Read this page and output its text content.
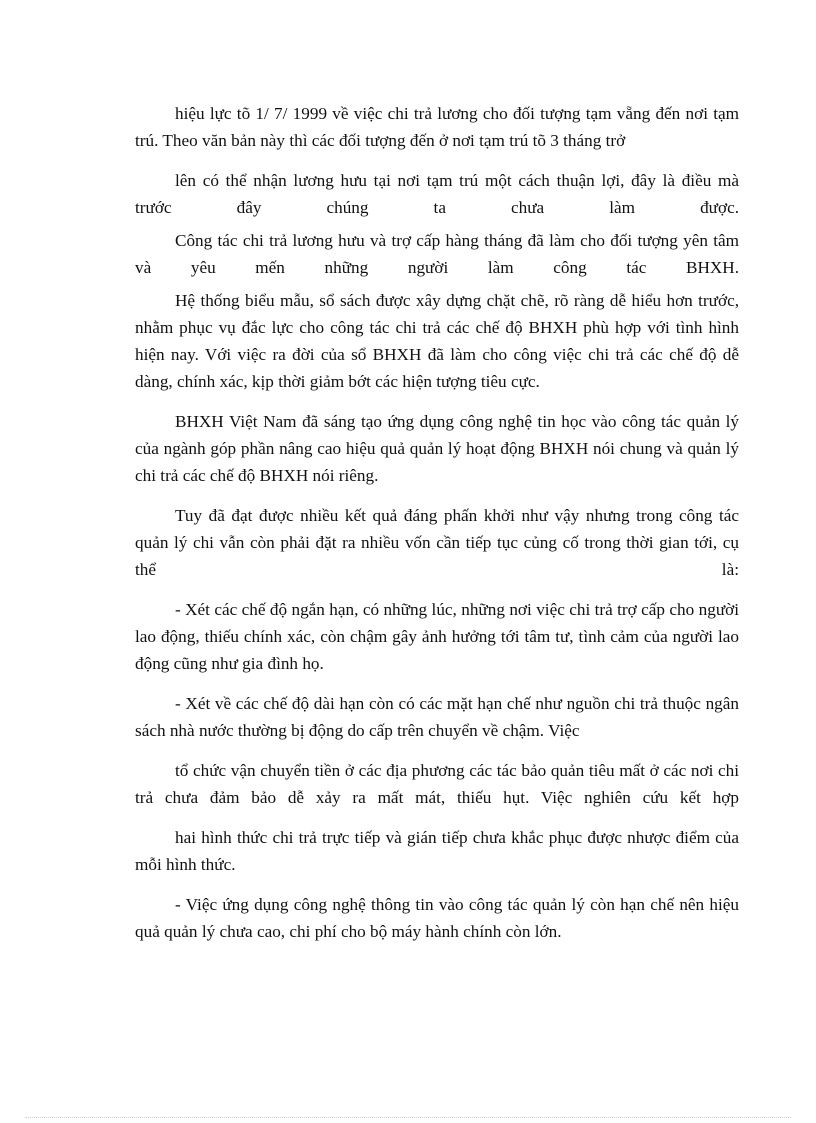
hiệu lực tõ 1/ 7/ 1999 về việc chi trả lương cho đối tượng tạm vẵng đến nơi tạm trú. Theo văn bản này thì các đối tượng đến ở nơi tạm trú tõ 3 tháng trở

lên có thể nhận lương hưu tại nơi tạm trú một cách thuận lợi, đây là điều mà trước đây chúng ta chưa làm được.

Công tác chi trả lương hưu và trợ cấp hàng tháng đã làm cho đối tượng yên tâm và yêu mến những người làm công tác BHXH.

Hệ thống biểu mẫu, sổ sách được xây dựng chặt chẽ, rõ ràng dễ hiểu hơn trước, nhằm phục vụ đắc lực cho công tác chi trả các chế độ BHXH phù hợp với tình hình hiện nay. Với việc ra đời của sổ BHXH đã làm cho công việc chi trả các chế độ dễ dàng, chính xác, kịp thời giảm bớt các hiện tượng tiêu cực.

BHXH Việt Nam đã sáng tạo ứng dụng công nghệ tin học vào công tác quản lý của ngành góp phần nâng cao hiệu quả quản lý hoạt động BHXH nói chung và quản lý chi trả các chế độ BHXH nói riêng.

Tuy đã đạt được nhiều kết quả đáng phấn khởi như vậy nhưng trong công tác quản lý chi vẫn còn phải đặt ra nhiều vốn cần tiếp tục củng cố trong thời gian tới, cụ thể là:

- Xét các chế độ ngắn hạn, có những lúc, những nơi việc chi trả trợ cấp cho người lao động, thiếu chính xác, còn chậm gây ảnh hưởng tới tâm tư, tình cảm của người lao động cũng như gia đình họ.

- Xét về các chế độ dài hạn còn có các mặt hạn chế như nguồn chi trả thuộc ngân sách nhà nước thường bị động do cấp trên chuyển về chậm. Việc

tổ chức vận chuyển tiền ở các địa phương các tác bảo quản tiêu mất ở các nơi chi trả chưa đảm bảo dễ xảy ra mất mát, thiếu hụt. Việc nghiên cứu kết hợp

hai hình thức chi trả trực tiếp và gián tiếp chưa khắc phục được nhược điểm của mỗi hình thức.

- Việc ứng dụng công nghệ thông tin vào công tác quản lý còn hạn chế nên hiệu quả quản lý chưa cao, chi phí cho bộ máy hành chính còn lớn.
